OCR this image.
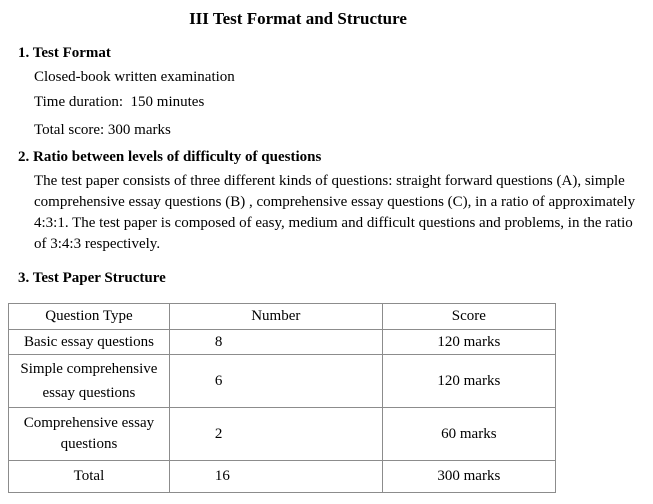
III Test Format and Structure
1. Test Format
Closed-book written examination
Time duration:  150 minutes
Total score: 300 marks
2. Ratio between levels of difficulty of questions
The test paper consists of three different kinds of questions: straight forward questions (A), simple comprehensive essay questions (B) , comprehensive essay questions (C), in a ratio of approximately 4:3:1. The test paper is composed of easy, medium and difficult questions and problems, in the ratio of 3:4:3 respectively.
3. Test Paper Structure
Question Type	Number	Score
Basic essay questions	8	120 marks
Simple comprehensive essay questions	6	120 marks
Comprehensive essay questions	2	60 marks
Total	16	300 marks
